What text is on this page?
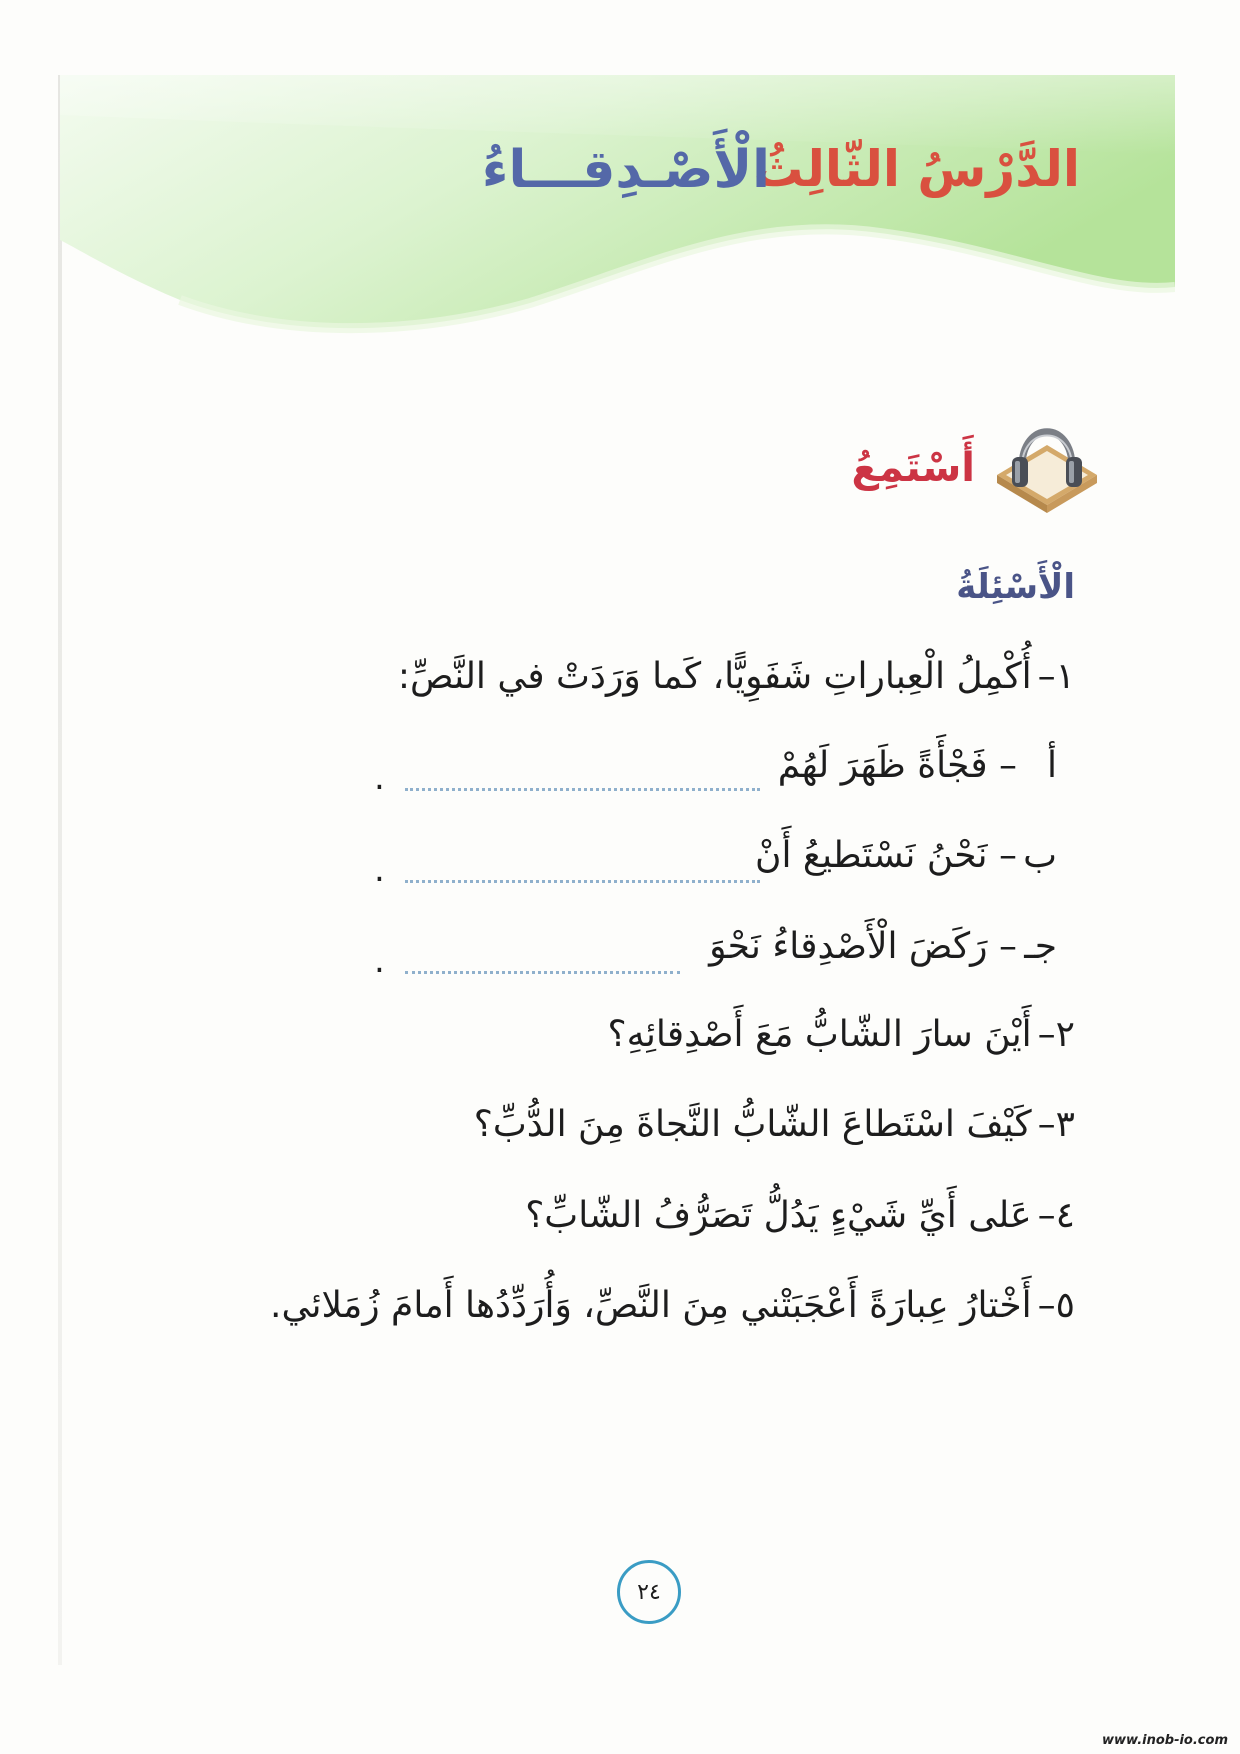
الدَّرْسُ الثّالِثُ
الْأَصْـدِقـــاءُ
أَسْتَمِعُ
الْأَسْئِلَةُ
١–أُكْمِلُ الْعِباراتِ شَفَوِيًّا، كَما وَرَدَتْ في النَّصِّ:
أ– فَجْأَةً ظَهَرَ لَهُمْ
.
ب– نَحْنُ نَسْتَطيعُ أَنْ
.
جـ– رَكَضَ الْأَصْدِقاءُ نَحْوَ
.
٢–أَيْنَ سارَ الشّابُّ مَعَ أَصْدِقائِهِ؟
٣–كَيْفَ اسْتَطاعَ الشّابُّ النَّجاةَ مِنَ الدُّبِّ؟
٤–عَلى أَيِّ شَيْءٍ يَدُلُّ تَصَرُّفُ الشّابِّ؟
٥–أَخْتارُ عِبارَةً أَعْجَبَتْني مِنَ النَّصِّ، وَأُرَدِّدُها أَمامَ زُمَلائي.
٢٤
www.inob-io.com
